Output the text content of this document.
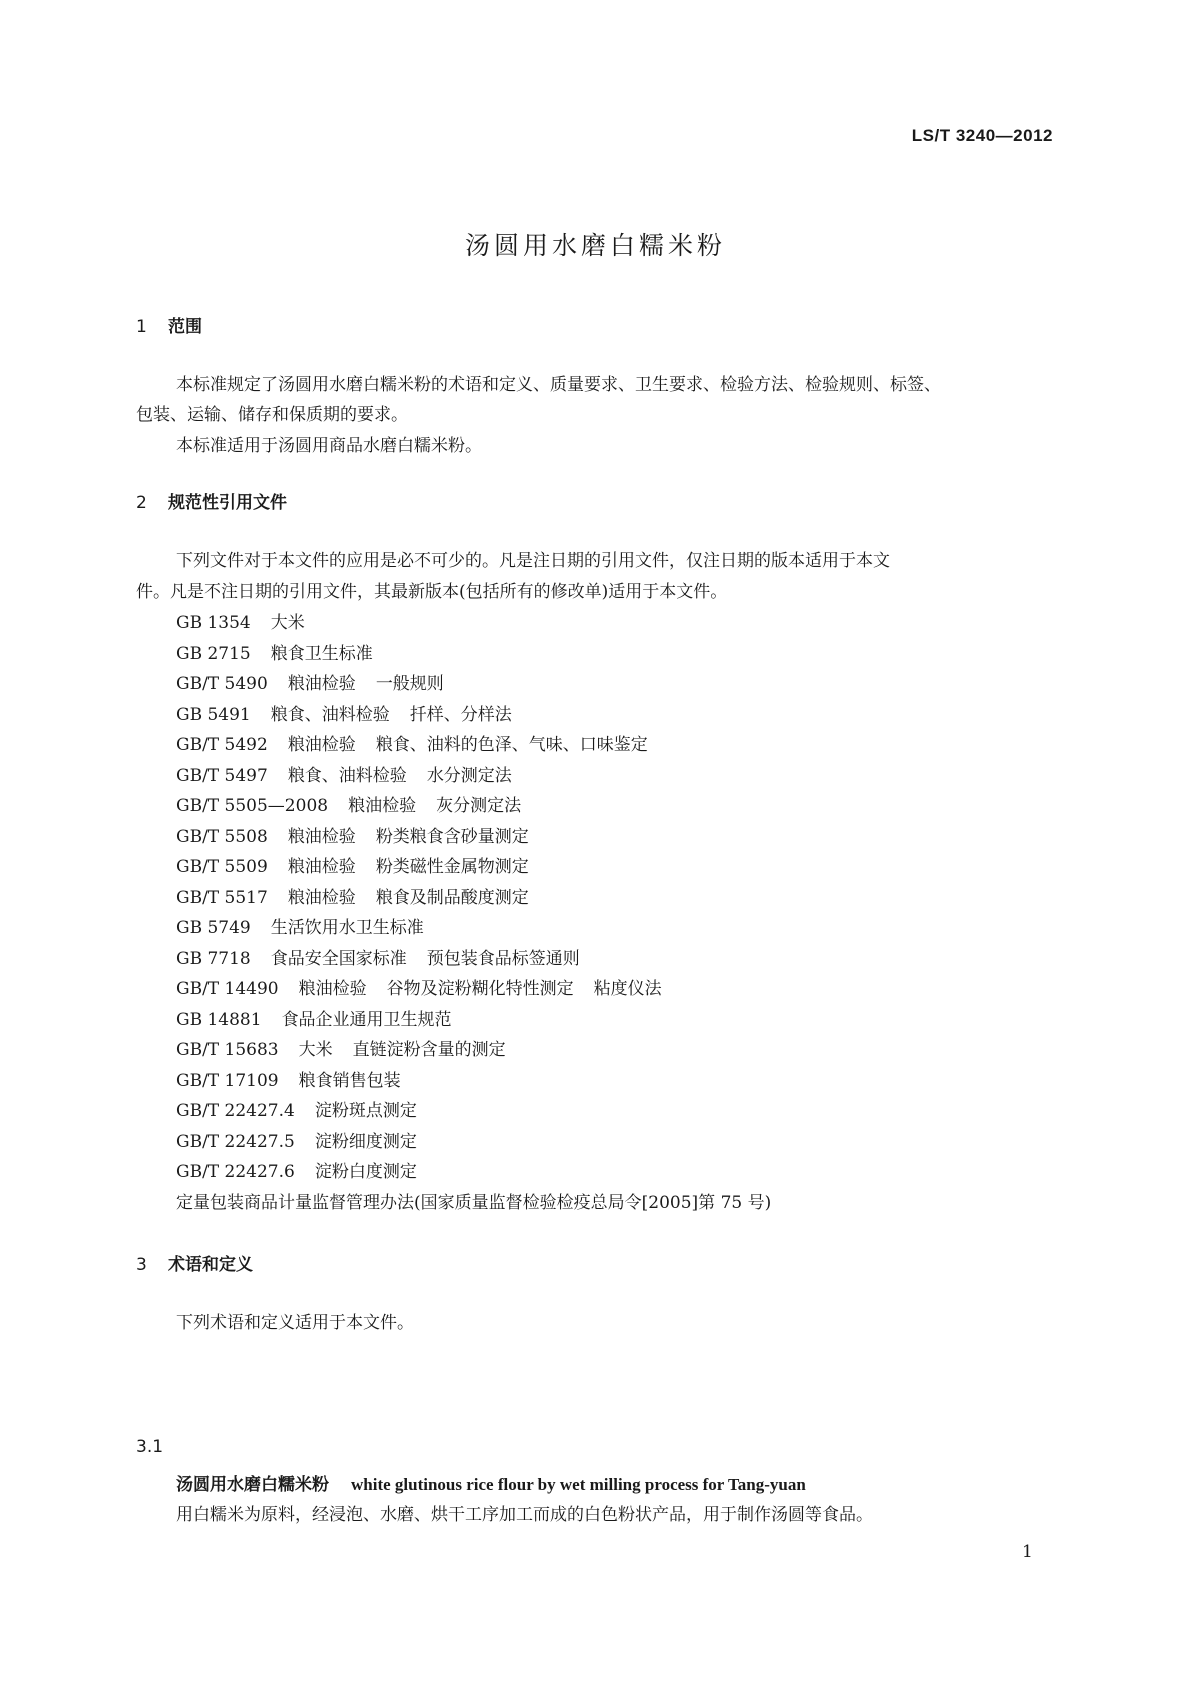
LS/T 3240—2012
汤圆用水磨白糯米粉
1 范围
本标准规定了汤圆用水磨白糯米粉的术语和定义、质量要求、卫生要求、检验方法、检验规则、标签、
包装、运输、储存和保质期的要求。
本标准适用于汤圆用商品水磨白糯米粉。
2 规范性引用文件
下列文件对于本文件的应用是必不可少的。凡是注日期的引用文件，仅注日期的版本适用于本文
件。凡是不注日期的引用文件，其最新版本(包括所有的修改单)适用于本文件。
GB 1354 大米
GB 2715 粮食卫生标准
GB/T 5490 粮油检验 一般规则
GB 5491 粮食、油料检验 扦样、分样法
GB/T 5492 粮油检验 粮食、油料的色泽、气味、口味鉴定
GB/T 5497 粮食、油料检验 水分测定法
GB/T 5505—2008 粮油检验 灰分测定法
GB/T 5508 粮油检验 粉类粮食含砂量测定
GB/T 5509 粮油检验 粉类磁性金属物测定
GB/T 5517 粮油检验 粮食及制品酸度测定
GB 5749 生活饮用水卫生标准
GB 7718 食品安全国家标准 预包装食品标签通则
GB/T 14490 粮油检验 谷物及淀粉糊化特性测定 粘度仪法
GB 14881 食品企业通用卫生规范
GB/T 15683 大米 直链淀粉含量的测定
GB/T 17109 粮食销售包装
GB/T 22427.4 淀粉斑点测定
GB/T 22427.5 淀粉细度测定
GB/T 22427.6 淀粉白度测定
定量包装商品计量监督管理办法(国家质量监督检验检疫总局令[2005]第 75 号)
3 术语和定义
下列术语和定义适用于本文件。
3.1
汤圆用水磨白糯米粉 white glutinous rice flour by wet milling process for Tang-yuan
用白糯米为原料，经浸泡、水磨、烘干工序加工而成的白色粉状产品，用于制作汤圆等食品。
1
